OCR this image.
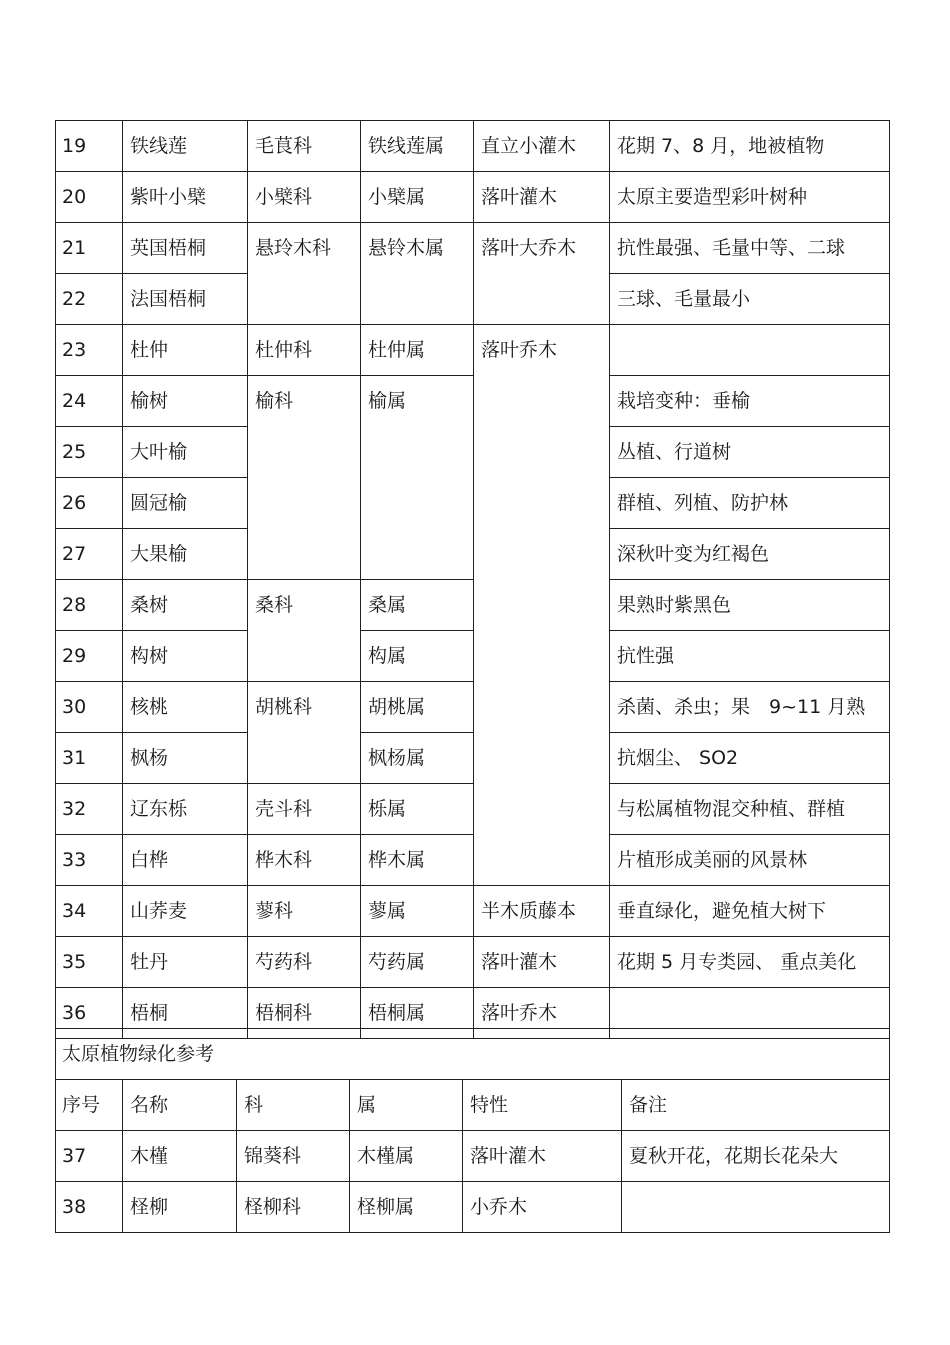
19	铁线莲	毛茛科	铁线莲属	直立小灌木	花期 7、8 月，地被植物
20	紫叶小檗	小檗科	小檗属	落叶灌木	太原主要造型彩叶树种
21	英国梧桐	悬玲木科	悬铃木属	落叶大乔木	抗性最强、毛量中等、二球
22	法国梧桐				三球、毛量最小
23	杜仲	杜仲科	杜仲属	落叶乔木	
24	榆树	榆科	榆属		栽培变种：垂榆
25	大叶榆				丛植、行道树
26	圆冠榆				群植、列植、防护林
27	大果榆				深秋叶变为红褐色
28	桑树	桑科	桑属		果熟时紫黑色
29	构树		构属		抗性强
30	核桃	胡桃科	胡桃属		杀菌、杀虫；果　9~11 月熟
31	枫杨		枫杨属		抗烟尘、 SO2
32	辽东栎	壳斗科	栎属		与松属植物混交种植、群植
33	白桦	桦木科	桦木属		片植形成美丽的风景林
34	山荞麦	蓼科	蓼属	半木质藤本	垂直绿化，避免植大树下
35	牡丹	芍药科	芍药属	落叶灌木	花期 5 月专类园、 重点美化
36	梧桐	梧桐科	梧桐属	落叶乔木	
太原植物绿化参考					
序号	名称	科	属	特性	备注
37	木槿	锦葵科	木槿属	落叶灌木	夏秋开花，花期长花朵大
38	柽柳	柽柳科	柽柳属	小乔木	
